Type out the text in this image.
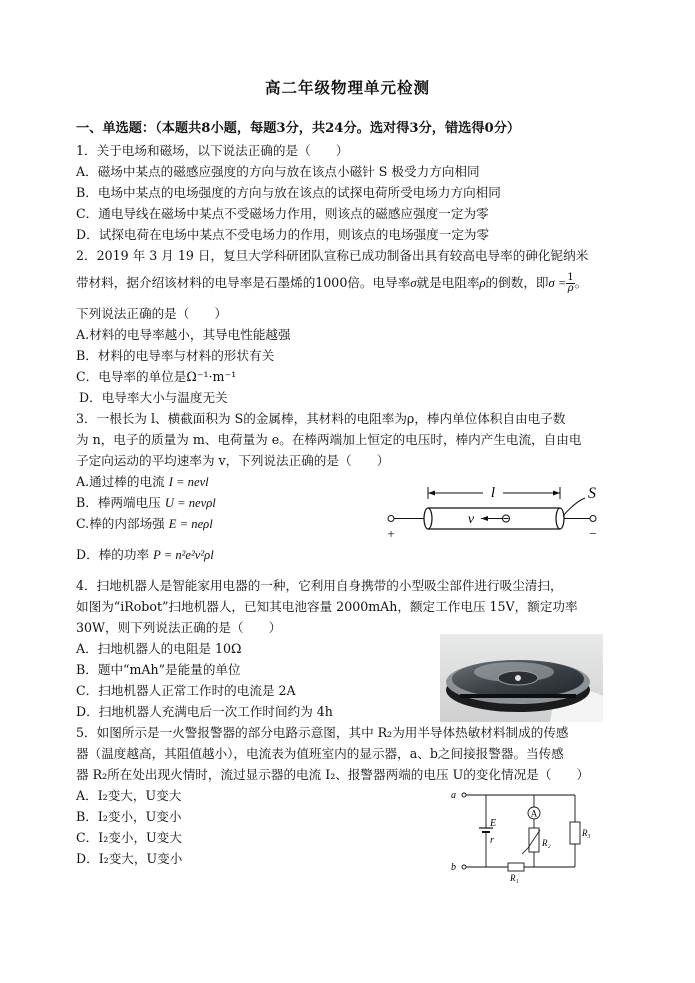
高二年级物理单元检测
一、单选题：（本题共8小题，每题3分，共24分。选对得3分，错选得0分）
1．关于电场和磁场，以下说法正确的是（　　）
A．磁场中某点的磁感应强度的方向与放在该点小磁针 S 极受力方向相同
B．电场中某点的电场强度的方向与放在该点的试探电荷所受电场力方向相同
C．通电导线在磁场中某点不受磁场力作用，则该点的磁感应强度一定为零
D．试探电荷在电场中某点不受电场力的作用，则该点的电场强度一定为零
2．2019 年 3 月 19 日，复旦大学科研团队宣称已成功制备出具有较高电导率的砷化铌纳米
带材料，据介绍该材料的电导率是石墨烯的1000倍。电导率σ就是电阻率ρ的倒数，即$\sigma = \frac{1}{\rho}$ 。
下列说法正确的是（　　）
A.材料的电导率越小，其导电性能越强
B．材料的电导率与材料的形状有关
C．电导率的单位是Ω⁻¹·m⁻¹
D．电导率大小与温度无关
3．一根长为 l、横截面积为 S的金属棒，其材料的电阻率为ρ，棒内单位体积自由电子数
为 n，电子的质量为 m、电荷量为 e。在棒两端加上恒定的电压时，棒内产生电流，自由电
子定向运动的平均速率为 v，下列说法正确的是（　　）
A.通过棒的电流 I = nevl
B．棒两端电压 U = nevρl
C.棒的内部场强 E = neρl
D．棒的功率 P = n²e²v²ρl
l
+	−
v
S
4．扫地机器人是智能家用电器的一种，它利用自身携带的小型吸尘部件进行吸尘清扫，
如图为“iRobot”扫地机器人，已知其电池容量 2000mAh，额定工作电压 15V，额定功率
30W，则下列说法正确的是（　　）
A．扫地机器人的电阻是 10Ω
B．题中“mAh”是能量的单位
C．扫地机器人正常工作时的电流是 2A
D．扫地机器人充满电后一次工作时间约为 4h
5．如图所示是一火警报警器的部分电路示意图，其中 R₂为用半导体热敏材料制成的传感
器（温度越高，其阻值越小），电流表为值班室内的显示器，a、b之间接报警器。当传感
器 R₂所在处出现火情时，流过显示器的电流 I₂、报警器两端的电压 U的变化情况是（　　）
A．I₂变大，U变大
B．I₂变小，U变小
C．I₂变小，U变大
D．I₂变大，U变小
A
a
b
E
r	R₂
R₃
R₁
